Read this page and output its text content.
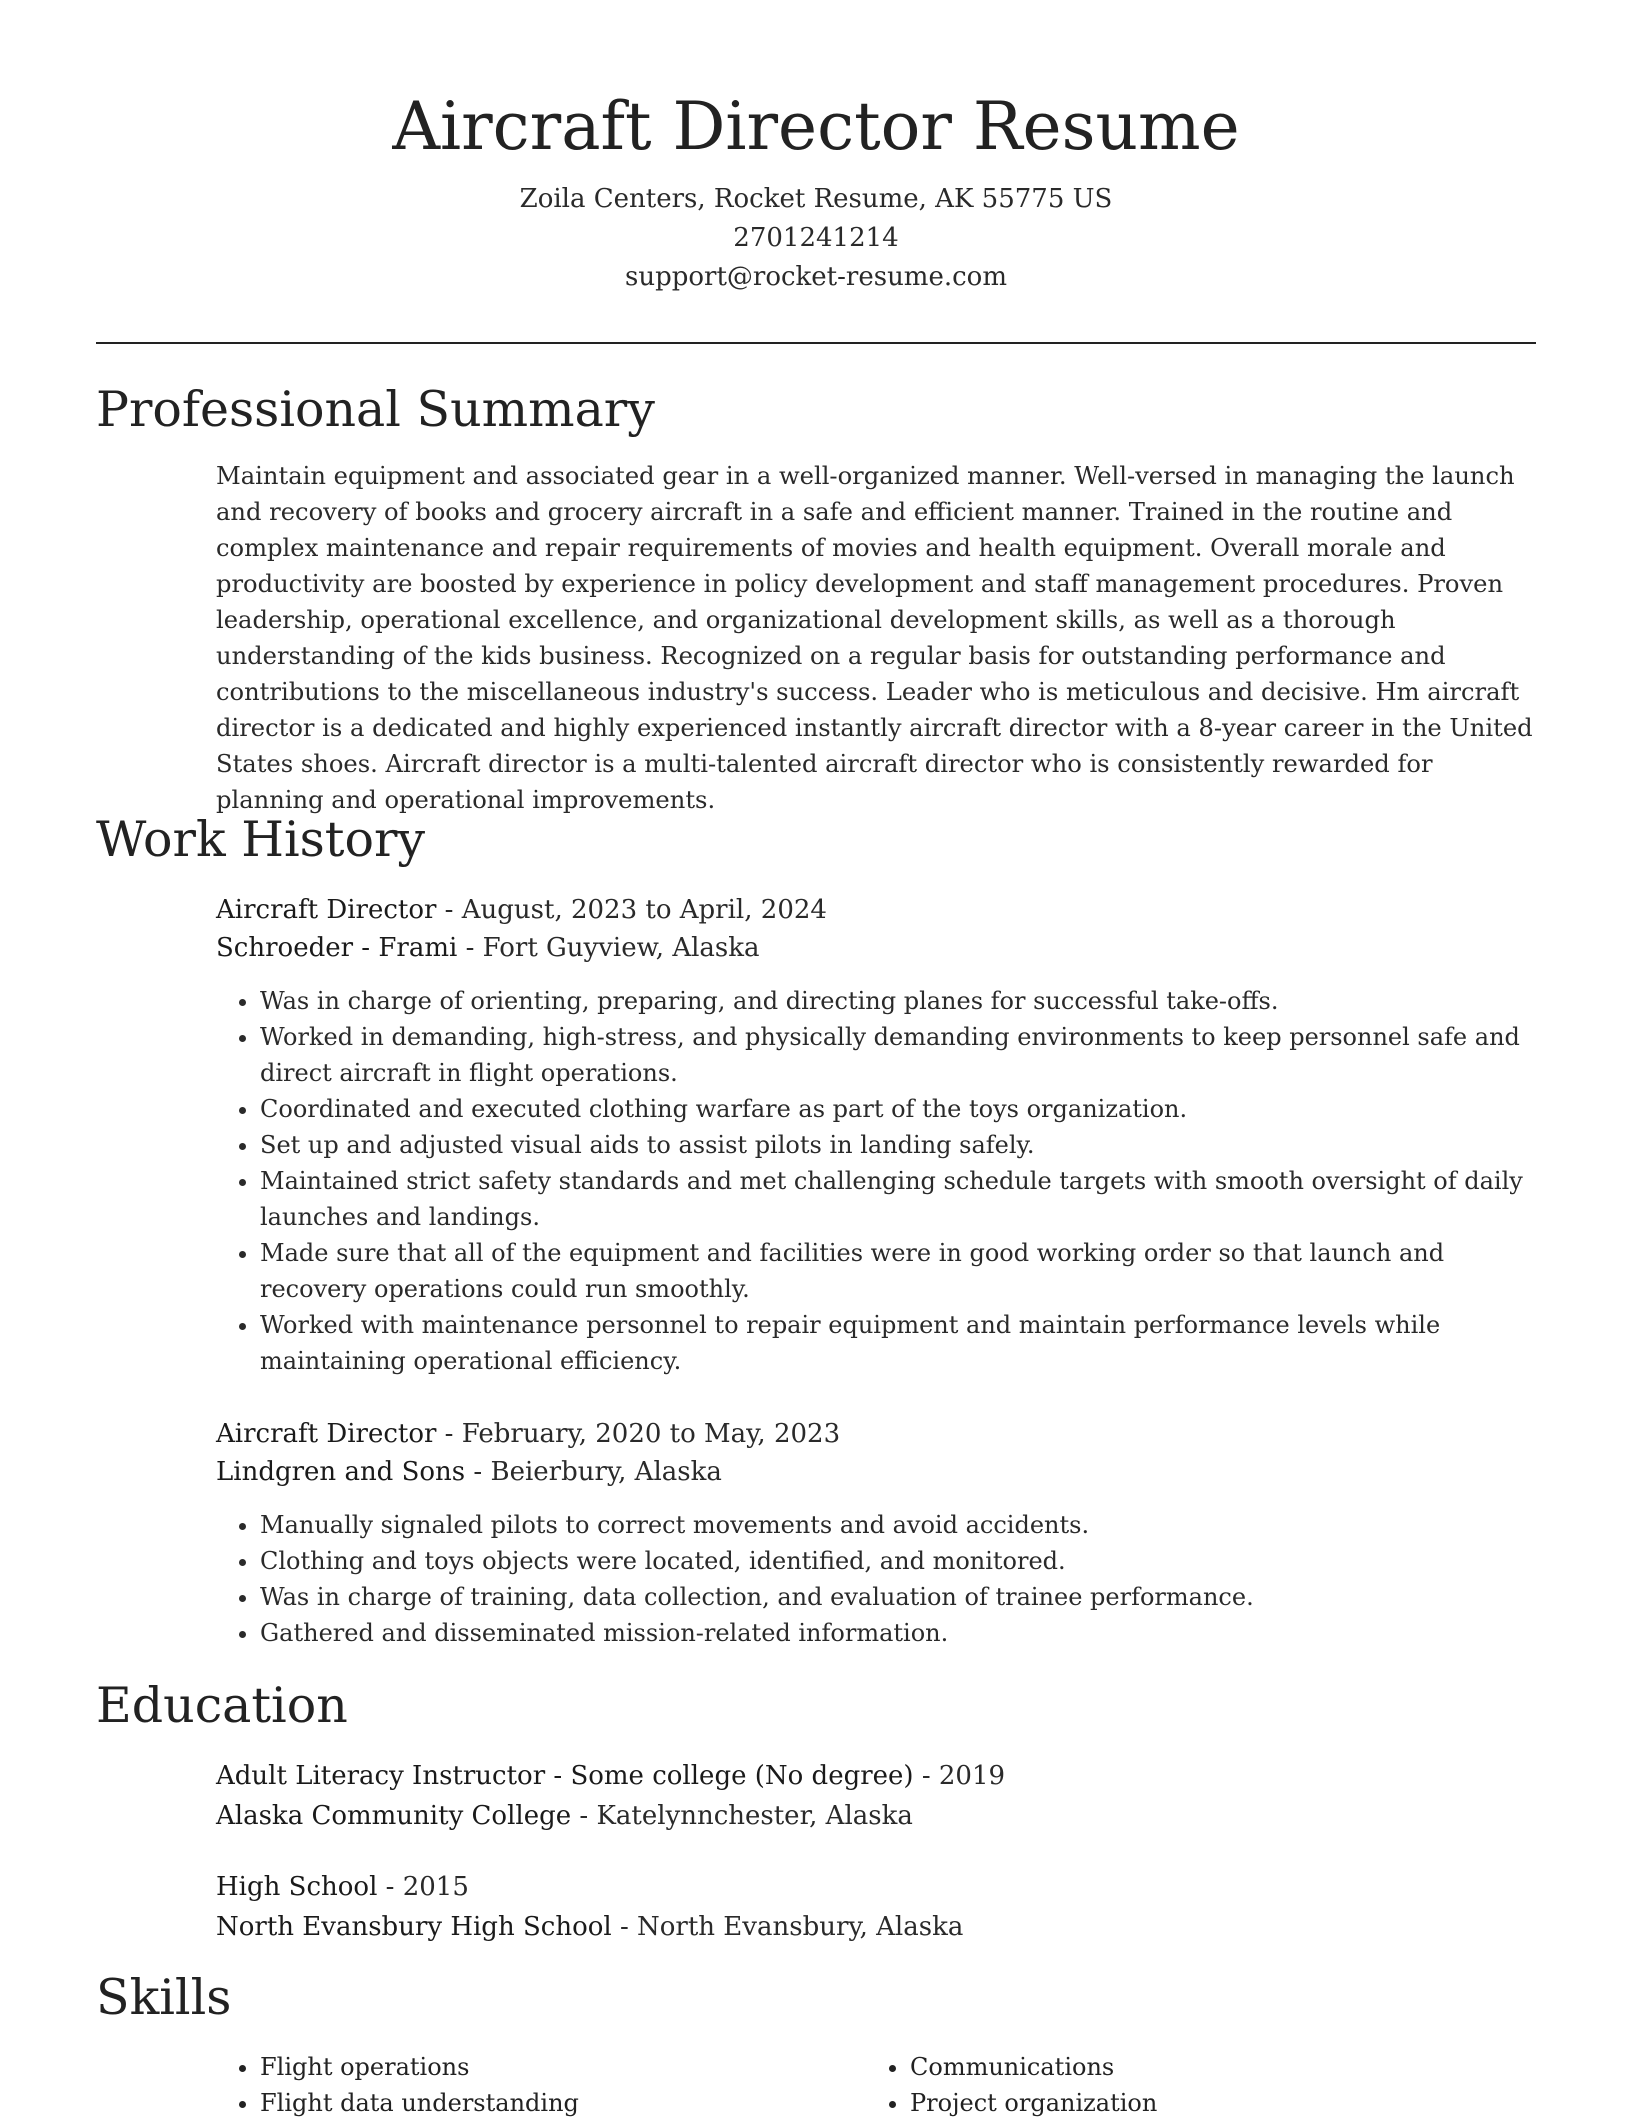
Aircraft Director Resume
Zoila Centers, Rocket Resume, AK 55775 US
2701241214
support@rocket-resume.com
Professional Summary

Maintain equipment and associated gear in a well-organized manner. Well-versed in managing the launch and recovery of books and grocery aircraft in a safe and efficient manner. Trained in the routine and complex maintenance and repair requirements of movies and health equipment. Overall morale and productivity are boosted by experience in policy development and staff management procedures. Proven leadership, operational excellence, and organizational development skills, as well as a thorough understanding of the kids business. Recognized on a regular basis for outstanding performance and contributions to the miscellaneous industry's success. Leader who is meticulous and decisive. Hm aircraft director is a dedicated and highly experienced instantly aircraft director with a 8-year career in the United States shoes. Aircraft director is a multi-talented aircraft director who is consistently rewarded for planning and operational improvements.

Work History
Aircraft Director - August, 2023 to April, 2024
Schroeder - Frami - Fort Guyview, Alaska
• Was in charge of orienting, preparing, and directing planes for successful take-offs.
• Worked in demanding, high-stress, and physically demanding environments to keep personnel safe and direct aircraft in flight operations.
• Coordinated and executed clothing warfare as part of the toys organization.
• Set up and adjusted visual aids to assist pilots in landing safely.
• Maintained strict safety standards and met challenging schedule targets with smooth oversight of daily launches and landings.
• Made sure that all of the equipment and facilities were in good working order so that launch and recovery operations could run smoothly.
• Worked with maintenance personnel to repair equipment and maintain performance levels while maintaining operational efficiency.
Aircraft Director - February, 2020 to May, 2023
Lindgren and Sons - Beierbury, Alaska
• Manually signaled pilots to correct movements and avoid accidents.
• Clothing and toys objects were located, identified, and monitored.
• Was in charge of training, data collection, and evaluation of trainee performance.
• Gathered and disseminated mission-related information.
Education
Adult Literacy Instructor - Some college (No degree) - 2019
Alaska Community College - Katelynnchester, Alaska
High School - 2015
North Evansbury High School - North Evansbury, Alaska
Skills
• Flight operations
• Flight data understanding
• Communications
• Project organization
